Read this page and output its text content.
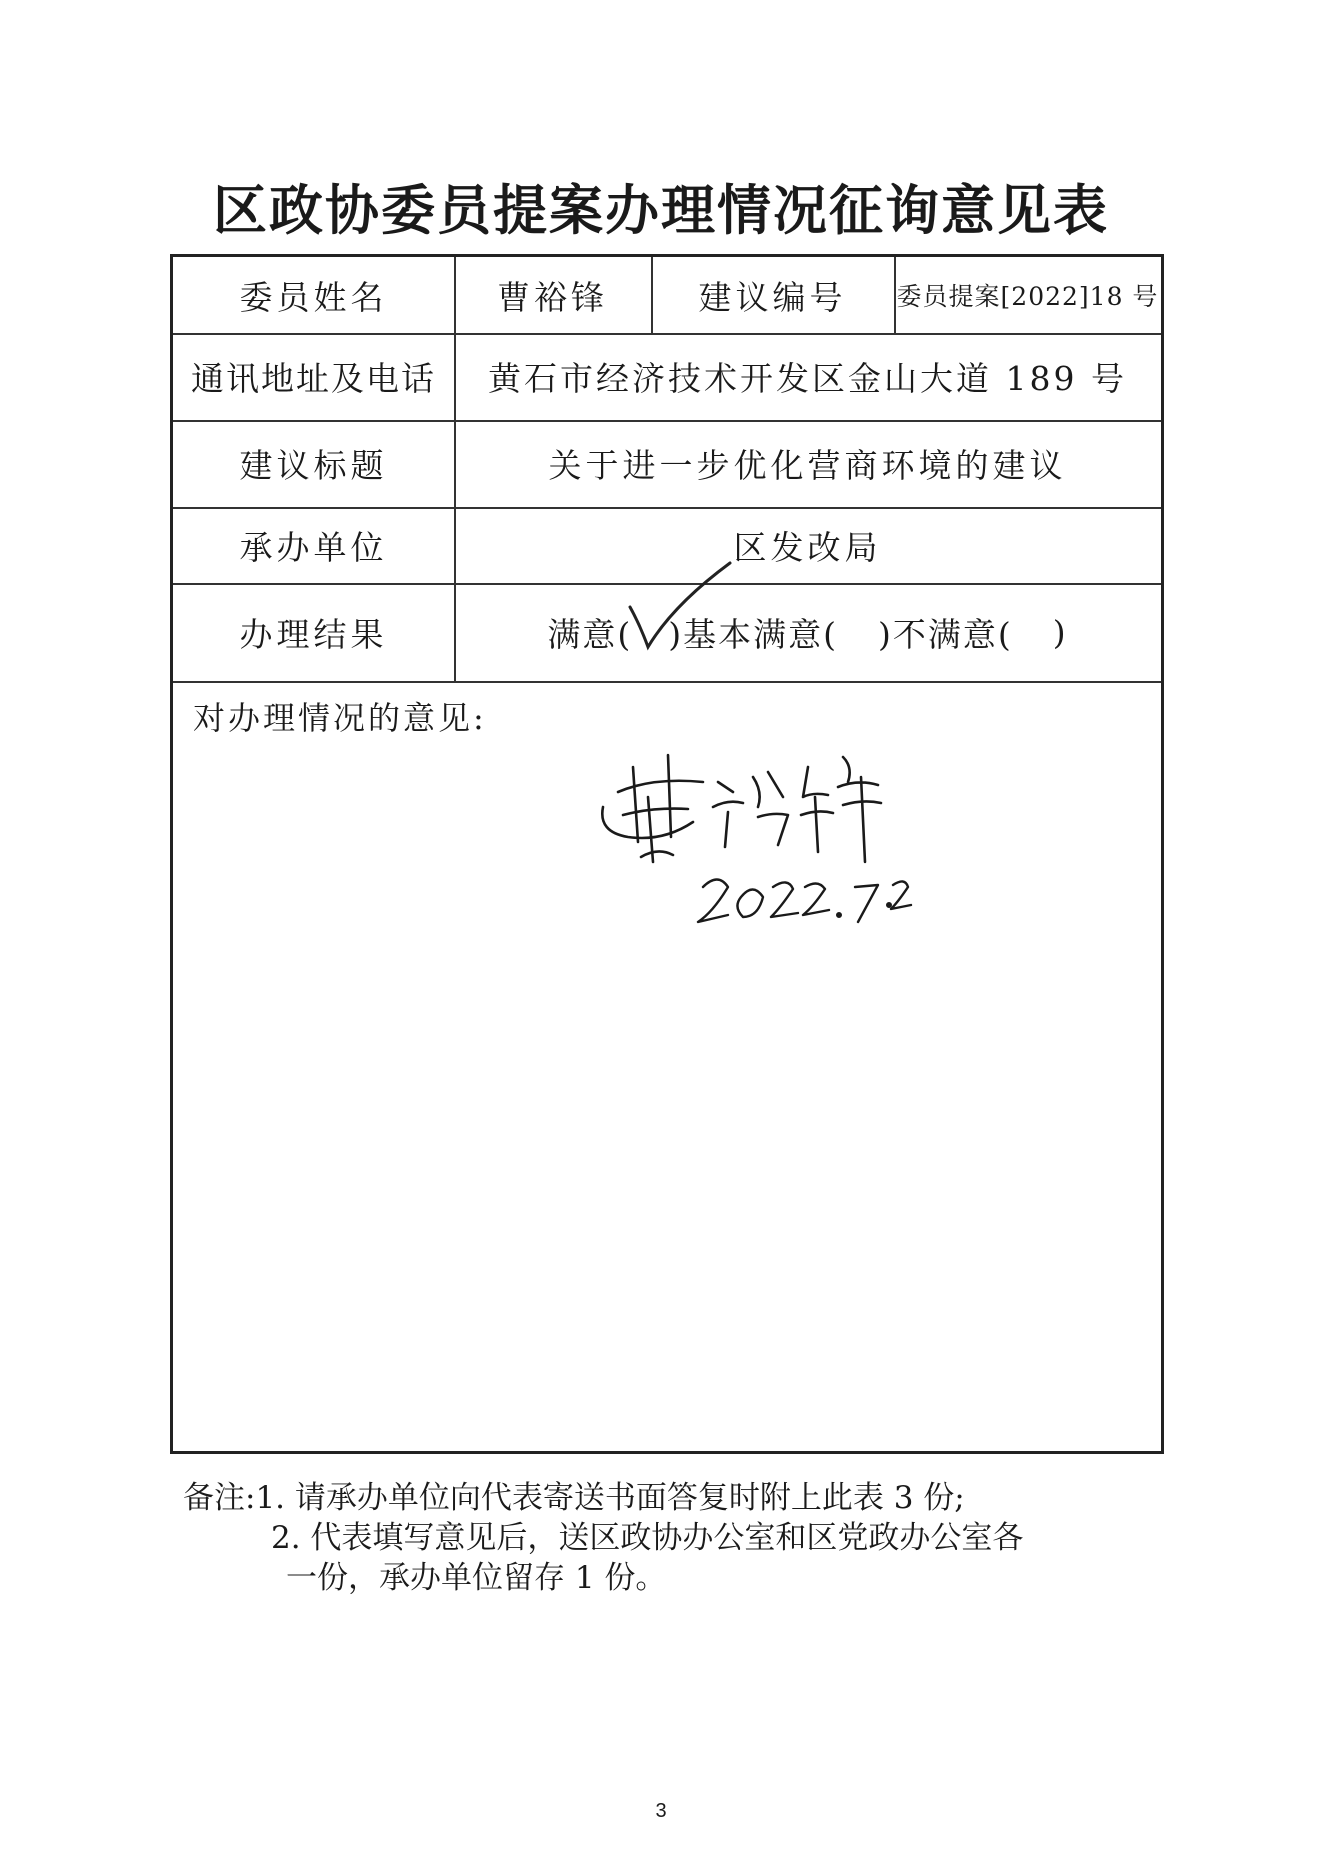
区政协委员提案办理情况征询意见表
委员姓名	曹裕锋	建议编号	委员提案[2022]18 号
通讯地址及电话	黄石市经济技术开发区金山大道 189 号
建议标题	关于进一步优化营商环境的建议
承办单位	区发改局
办理结果	满意( )基本满意( )不满意( )
对办理情况的意见:
备注:1. 请承办单位向代表寄送书面答复时附上此表 3 份;
2. 代表填写意见后，送区政协办公室和区党政办公室各
一份，承办单位留存 1 份。
3
